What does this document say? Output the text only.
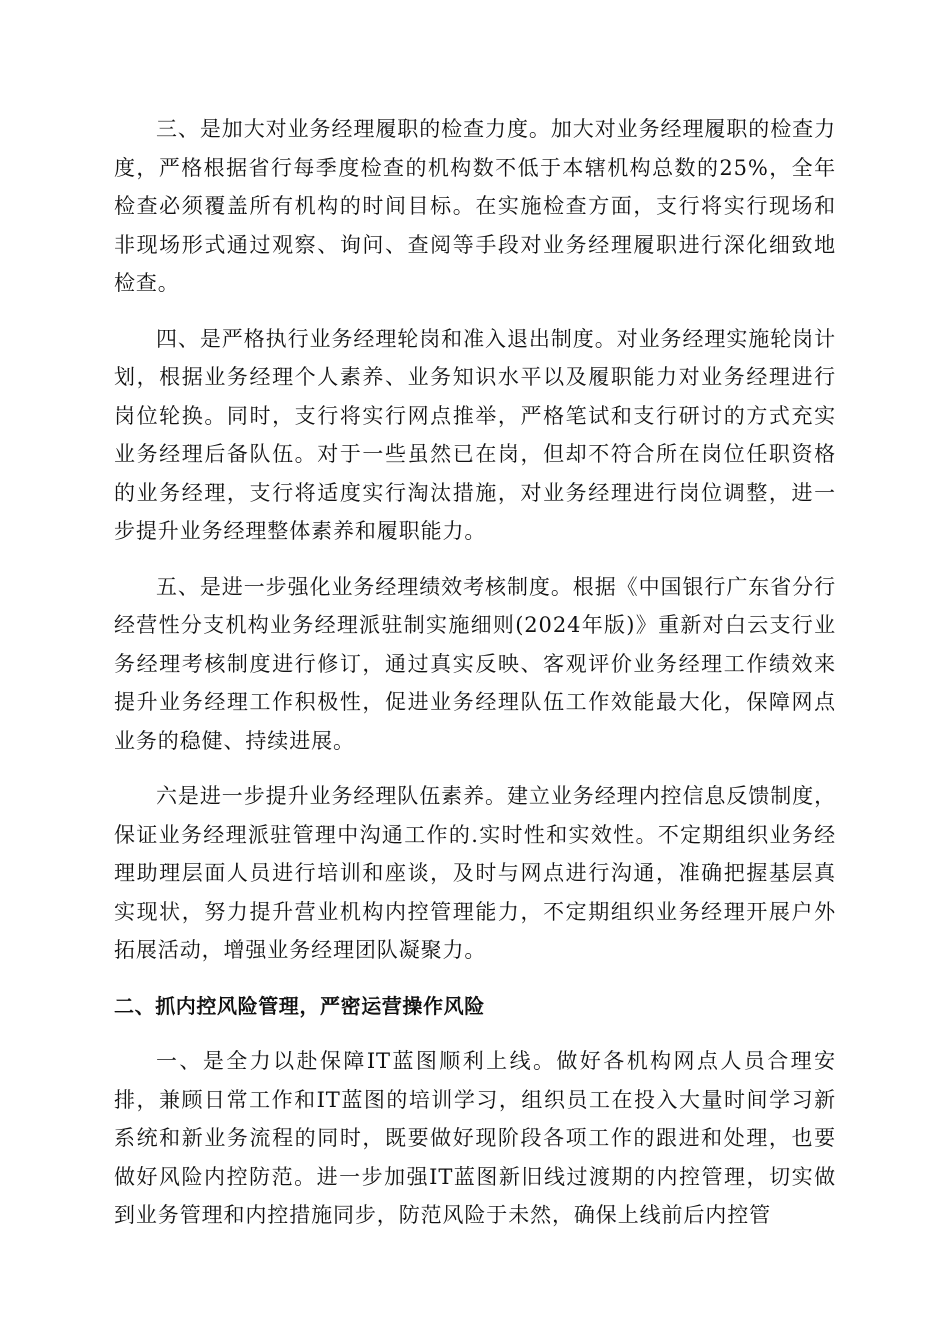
三、是加大对业务经理履职的检查力度。加大对业务经理履职的检查力度，严格根据省行每季度检查的机构数不低于本辖机构总数的25%，全年检查必须覆盖所有机构的时间目标。在实施检查方面，支行将实行现场和非现场形式通过观察、询问、查阅等手段对业务经理履职进行深化细致地检查。

四、是严格执行业务经理轮岗和准入退出制度。对业务经理实施轮岗计划，根据业务经理个人素养、业务知识水平以及履职能力对业务经理进行岗位轮换。同时，支行将实行网点推举，严格笔试和支行研讨的方式充实业务经理后备队伍。对于一些虽然已在岗，但却不符合所在岗位任职资格的业务经理，支行将适度实行淘汰措施，对业务经理进行岗位调整，进一步提升业务经理整体素养和履职能力。

五、是进一步强化业务经理绩效考核制度。根据《中国银行广东省分行经营性分支机构业务经理派驻制实施细则(2024年版)》重新对白云支行业务经理考核制度进行修订，通过真实反映、客观评价业务经理工作绩效来提升业务经理工作积极性，促进业务经理队伍工作效能最大化，保障网点业务的稳健、持续进展。

六是进一步提升业务经理队伍素养。建立业务经理内控信息反馈制度，保证业务经理派驻管理中沟通工作的.实时性和实效性。不定期组织业务经理助理层面人员进行培训和座谈，及时与网点进行沟通，准确把握基层真实现状，努力提升营业机构内控管理能力，不定期组织业务经理开展户外拓展活动，增强业务经理团队凝聚力。

二、抓内控风险管理，严密运营操作风险

一、是全力以赴保障IT蓝图顺利上线。做好各机构网点人员合理安排，兼顾日常工作和IT蓝图的培训学习，组织员工在投入大量时间学习新系统和新业务流程的同时，既要做好现阶段各项工作的跟进和处理，也要做好风险内控防范。进一步加强IT蓝图新旧线过渡期的内控管理，切实做到业务管理和内控措施同步，防范风险于未然，确保上线前后内控管
